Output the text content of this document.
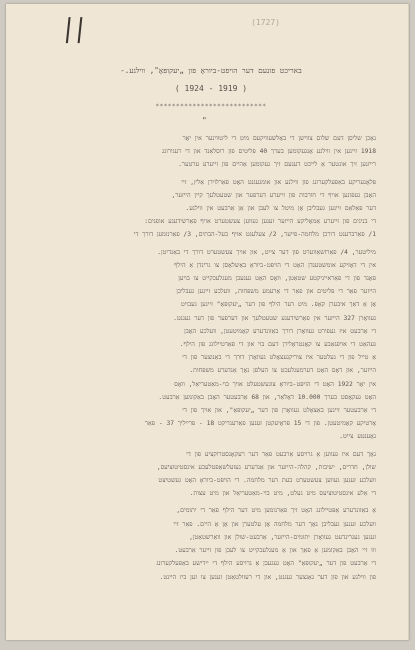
||	(1727)
באריכט פונעם דער הויפט-ביוראָ פון „יעקופּאָ", ווילנע.-
( 1924 - 1919 )
***************************
"
נאָכן שליסן דעם שלום צווישן די באָלשעוויקעס מיט די ליטווינער אין יאָר
1918 זיינען אין ווילנע אָנגעקומען בערך 40 פּליטים פון רוסלאַנד און די רעגירונג
רייזנען זיך אונטער אַ לייכט דענעם זיך געקומען אַהיים פון זייערע ערטער.
פּלאָנעריקע באַפעלקערונג פון ווילנע און אומגעגנט האָט פאַרלוירן אַלץ, זיי
האָבן געפונען אויף די חורבות פון זייערע דערפער און שטעטלעך קיין הייזער,
דער פּאַלאַם זיינען געבליבן אָן מיטל צו לעבן און אַן אַרבעט אין ווילנע.
די בנינים פון זייערע אַמאָליקע הייזער זענען געווען צעשטערט אויף פאַרשידענע אופנים:
1/ פאַרברענט דורכן מלחמה-פייער, 2/ צעלעגט אויף בעל-הבתים, 3/ פאַרנומען דורך די
מיליטער, 4/ פאַרזשאַווערט פון דער צייט, און אויך צעשטערט דורך די באַנדיטן.
אין די דאָזיקע אומשטענדן האָט די הויפּט-ביוראָ באַשלאָסן צו גרינדן אַ הילף
פאָנד פון די פאַראייניקטע שטאַטן, וואָס האָט געגעבן מעגלעכקייט צו בויען
הייזער פאַר די פּליטים און פאַר די אַרעמע משפּחות, וועלכע זיינען געבליבן
אָן אַ דאַך איבערן קאָפּ. מיט דער הילף פון דער „יעקופּאָ" זיינען געבויט
געוואָרן 327 הייזער אין פאַרשידענע שטעטלעך און דערפער פון דער געגנט.
די אַרבעט איז געפירט געוואָרן דורך באַזונדערע קאָמיטעטן, וועלכע האָבן
געהאַט די אויפגאַבע צו קאָנטראָלירן דעם בוי און די פאַרטיילונג פון הילף.
אַ טייל פון די געלטער איז צוריקגעצאָלט געוואָרן דורך די באַנוצער פון די
הייזער, און דאָס האָט דערמעגלעכט צו העלפן נאָך אַנדערע משפּחות.
אין יאָר 1922 האָט די הויפּט-ביוראָ צוגעשטעלט אויך בוי-מאַטעריאַל, וואָס
האָט געקאָסט בערך 10.000 דאָלאַר, און 68 אַרבעטער האָבן באַקומען אַרבעט.
די אַרבעטער זיינען באַצאָלט געוואָרן פון דער „יעקופּאָ", און אויך פון די
אָרטיקע קאָמיטעטן. פון די 15 פּראָיעקטן זענען פאַרענדיקט 18 - פרייליך 37 - פאַר
נאָענטע צייט.
נאָך דעם איז געווען אַ גרויסע אַרבעט פאַר דער רעקאָנסטרוקציע פון די
שולן, חדרים, ישיבות, קהלה-הייזער און אַנדערע געזעלשאַפטלעכע אינסטיטוציעס,
וועלכע זענען געווען צעשטערט בעת דער מלחמה. די הויפּט-ביוראָ האָט געשטיצט
די אַלע אינסטיטוציעס מיט געלט, מיט בוי-מאַטעריאַל און מיט עצות.
אַ באַזונדערע אָפּטיילונג האָט זיך פאַרנומען מיט דער הילף פאַר די יתומים,
וועלכע זענען געבליבן נאָך דער מלחמה אָן עלטערן און אָן אַ היים. פאַר זיי
זענען געגרינדעט געוואָרן יתומים-הייזער, אַרבעט-שולן און וואַרשטאַטן,
וווּ זיי האָבן באַקומען אַ פאַך און אַ מעגלעכקייט צו לעבן פון זייער אַרבעט.
די אַרבעט פון דער „יעקופּאָ" האָט געגעבן אַ גרויסע הילף די יידישע באַפעלקערונג
פון ווילנע און פון דער גאַנצער געגנט, און די רעזולטאַטן זענען צו זען ביז היינט.
